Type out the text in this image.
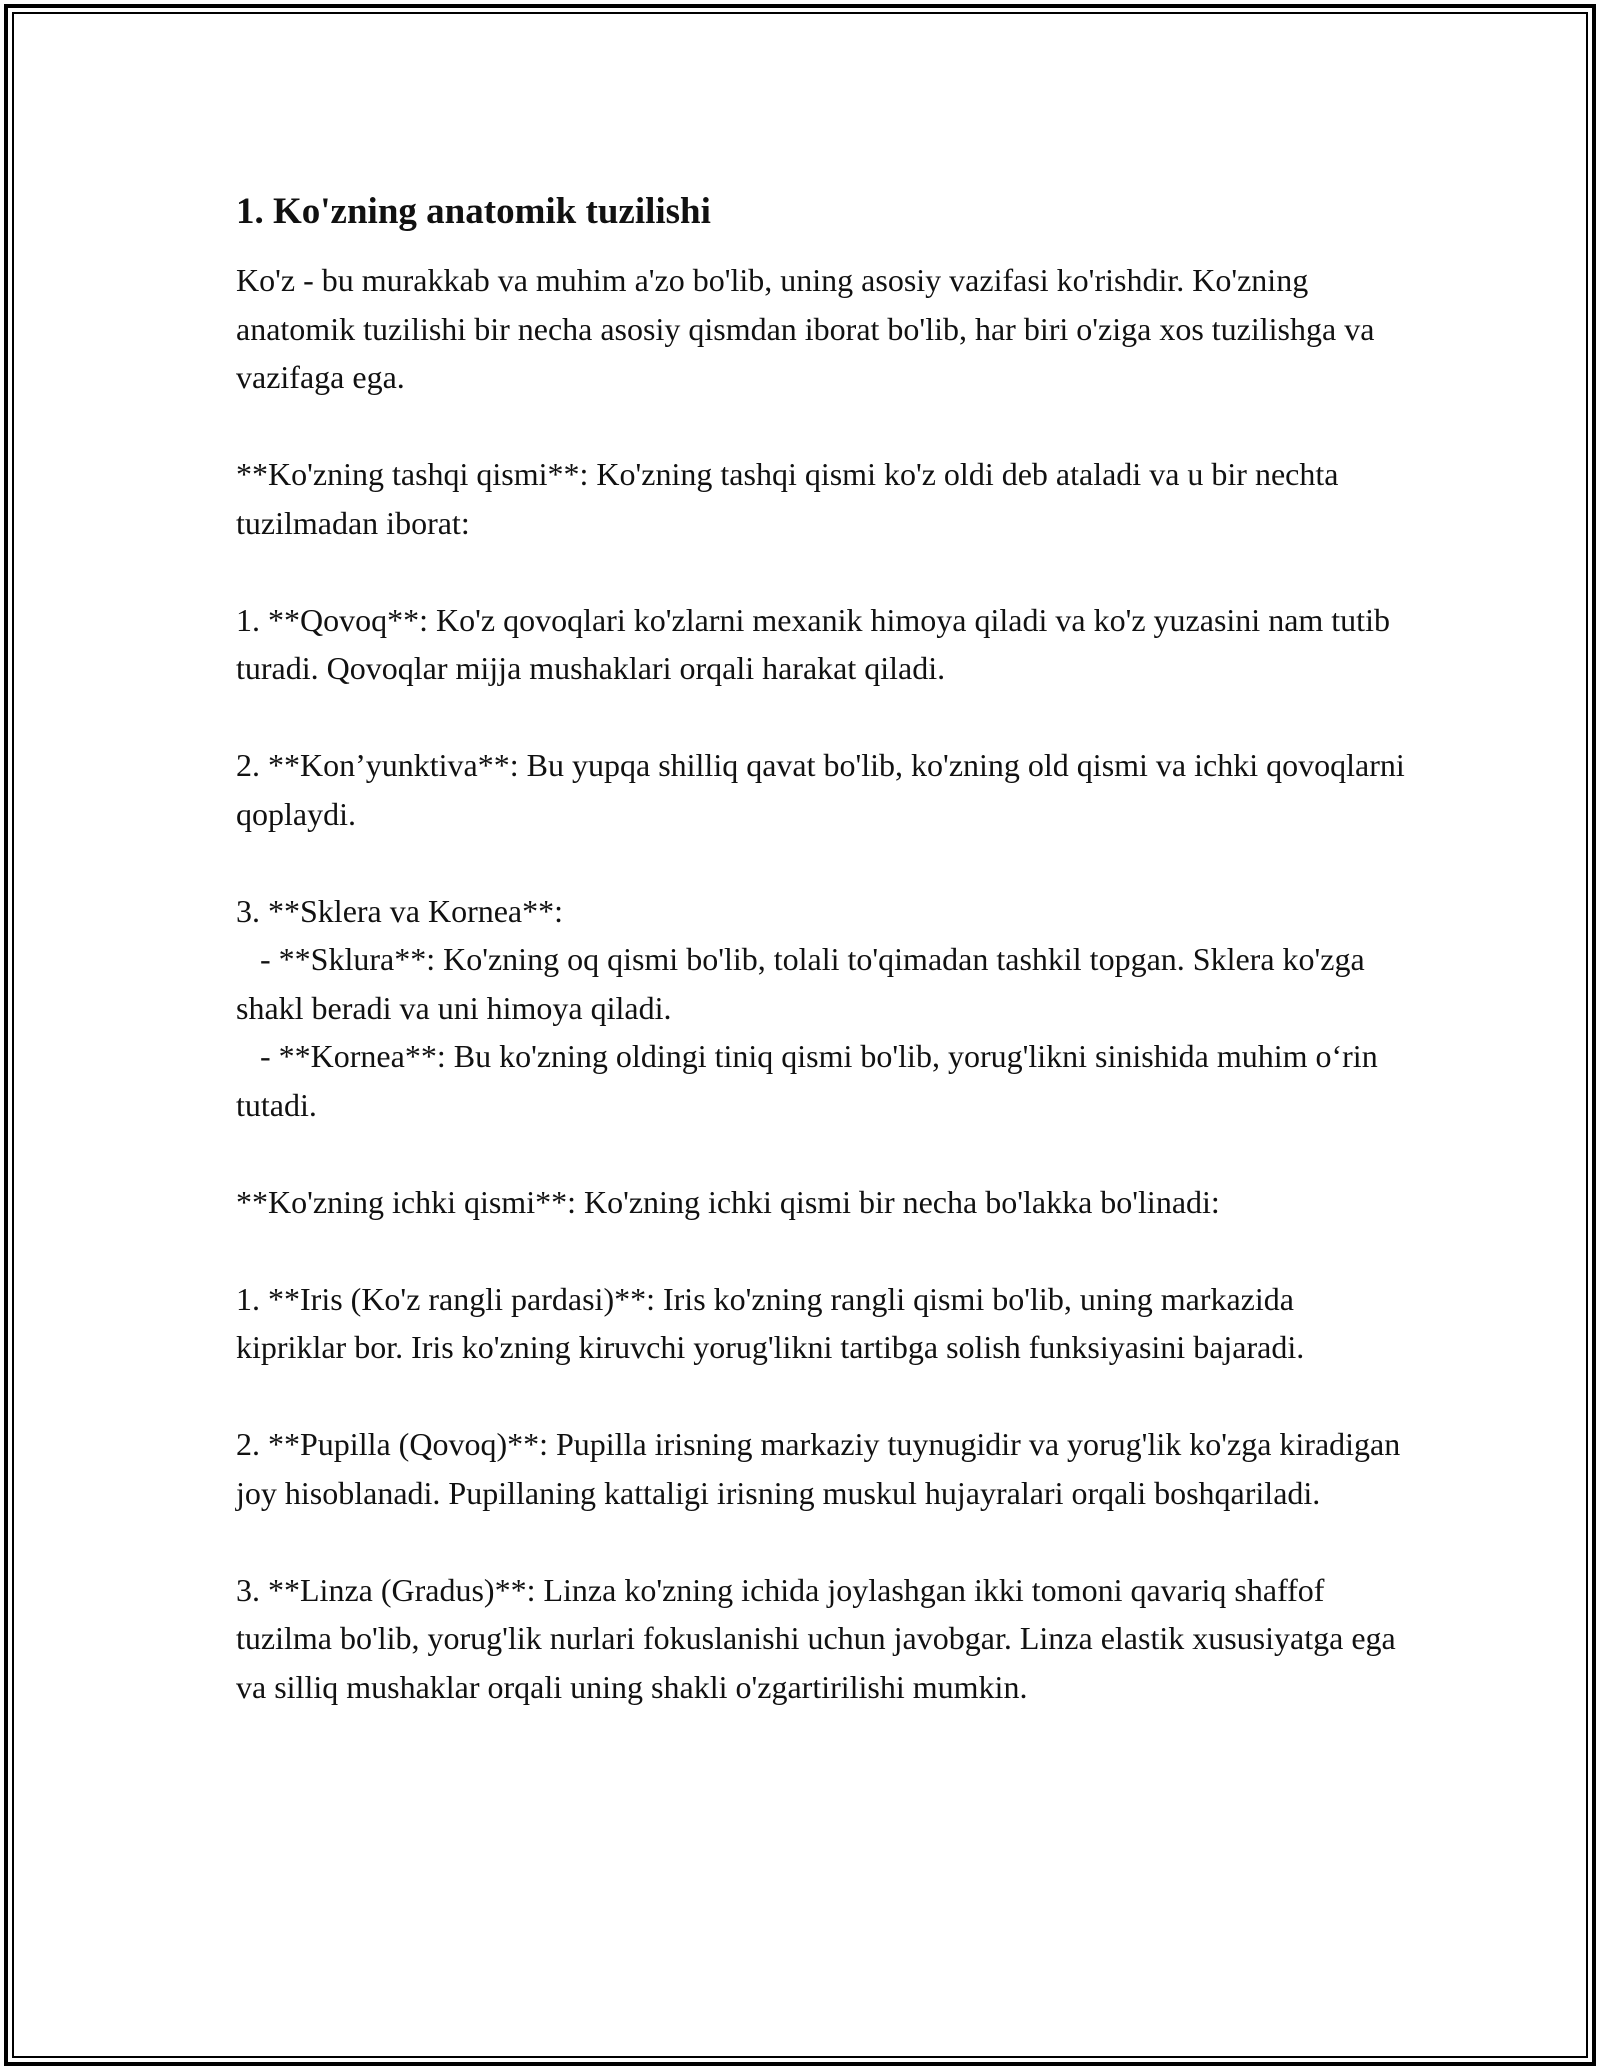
1. Ko'zning anatomik tuzilishi

Ko'z - bu murakkab va muhim a'zo bo'lib, uning asosiy vazifasi ko'rishdir. Ko'zning anatomik tuzilishi bir necha asosiy qismdan iborat bo'lib, har biri o'ziga xos tuzilishga va vazifaga ega.

**Ko'zning tashqi qismi**: Ko'zning tashqi qismi ko'z oldi deb ataladi va u bir nechta tuzilmadan iborat:

1. **Qovoq**: Ko'z qovoqlari ko'zlarni mexanik himoya qiladi va ko'z yuzasini nam tutib turadi. Qovoqlar mijja mushaklari orqali harakat qiladi.

2. **Kon’yunktiva**: Bu yupqa shilliq qavat bo'lib, ko'zning old qismi va ichki qovoqlarni qoplaydi.

3. **Sklera va Kornea**:
- **Sklura**: Ko'zning oq qismi bo'lib, tolali to'qimadan tashkil topgan. Sklera ko'zga shakl beradi va uni himoya qiladi.
- **Kornea**: Bu ko'zning oldingi tiniq qismi bo'lib, yorug'likni sinishida muhim o‘rin tutadi.

**Ko'zning ichki qismi**: Ko'zning ichki qismi bir necha bo'lakka bo'linadi:

1. **Iris (Ko'z rangli pardasi)**: Iris ko'zning rangli qismi bo'lib, uning markazida kipriklar bor. Iris ko'zning kiruvchi yorug'likni tartibga solish funksiyasini bajaradi.

2. **Pupilla (Qovoq)**: Pupilla irisning markaziy tuynugidir va yorug'lik ko'zga kiradigan joy hisoblanadi. Pupillaning kattaligi irisning muskul hujayralari orqali boshqariladi.

3. **Linza (Gradus)**: Linza ko'zning ichida joylashgan ikki tomoni qavariq shaffof tuzilma bo'lib, yorug'lik nurlari fokuslanishi uchun javobgar. Linza elastik xususiyatga ega va silliq mushaklar orqali uning shakli o'zgartirilishi mumkin.
